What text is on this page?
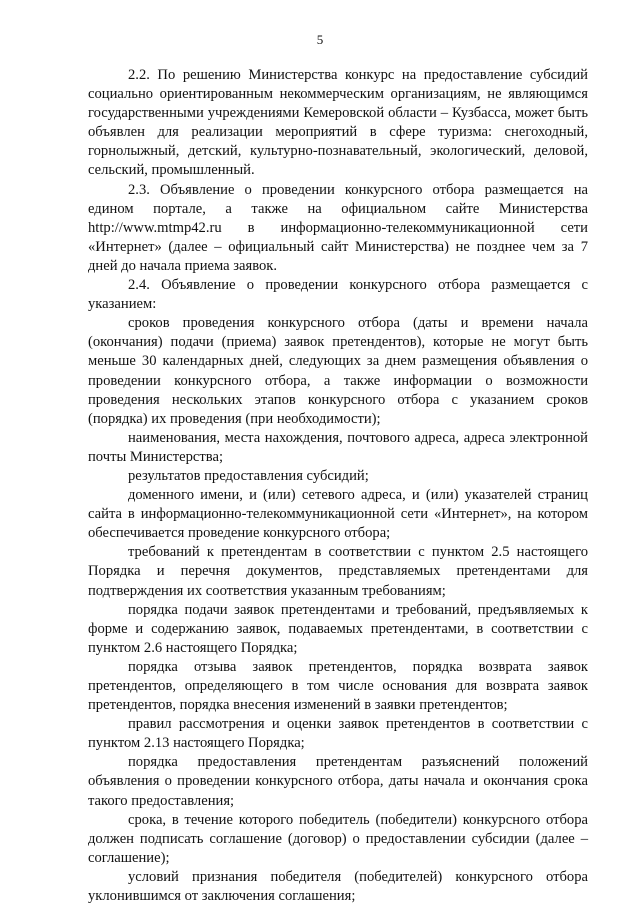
5

2.2. По решению Министерства конкурс на предоставление субсидий социально ориентированным некоммерческим организациям, не являющимся государственными учреждениями Кемеровской области – Кузбасса, может быть объявлен для реализации мероприятий в сфере туризма: снегоходный, горнолыжный, детский, культурно-познавательный, экологический, деловой, сельский, промышленный.

2.3. Объявление о проведении конкурсного отбора размещается на едином портале, а также на официальном сайте Министерства http://www.mtmp42.ru в информационно-телекоммуникационной сети «Интернет» (далее – официальный сайт Министерства) не позднее чем за 7 дней до начала приема заявок.

2.4. Объявление о проведении конкурсного отбора размещается с указанием:

сроков проведения конкурсного отбора (даты и времени начала (окончания) подачи (приема) заявок претендентов), которые не могут быть меньше 30 календарных дней, следующих за днем размещения объявления о проведении конкурсного отбора, а также информации о возможности проведения нескольких этапов конкурсного отбора с указанием сроков (порядка) их проведения (при необходимости);

наименования, места нахождения, почтового адреса, адреса электронной почты Министерства;

результатов предоставления субсидий;

доменного имени, и (или) сетевого адреса, и (или) указателей страниц сайта в информационно-телекоммуникационной сети «Интернет», на котором обеспечивается проведение конкурсного отбора;

требований к претендентам в соответствии с пунктом 2.5 настоящего Порядка и перечня документов, представляемых претендентами для подтверждения их соответствия указанным требованиям;

порядка подачи заявок претендентами и требований, предъявляемых к форме и содержанию заявок, подаваемых претендентами, в соответствии с пунктом 2.6 настоящего Порядка;

порядка отзыва заявок претендентов, порядка возврата заявок претендентов, определяющего в том числе основания для возврата заявок претендентов, порядка внесения изменений в заявки претендентов;

правил рассмотрения и оценки заявок претендентов в соответствии с пунктом 2.13 настоящего Порядка;

порядка предоставления претендентам разъяснений положений объявления о проведении конкурсного отбора, даты начала и окончания срока такого предоставления;

срока, в течение которого победитель (победители) конкурсного отбора должен подписать соглашение (договор) о предоставлении субсидии (далее – соглашение);

условий признания победителя (победителей) конкурсного отбора уклонившимся от заключения соглашения;
